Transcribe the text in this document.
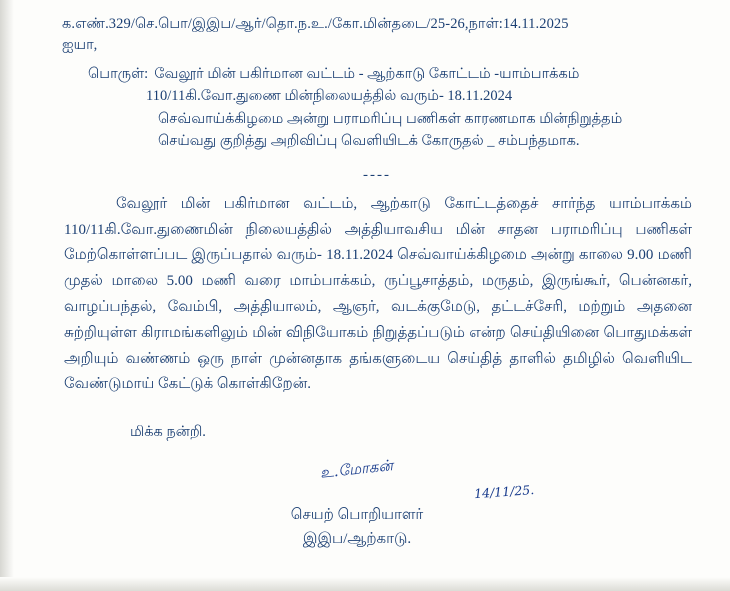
க.எண்.329/செ.பொ/இஇப/ஆர்/தொ.ந.உ./கோ.மின்தடை/25-26,நாள்:14.11.2025
ஐயா,
பொருள்: வேலூர் மின் பகிர்மான வட்டம் - ஆற்காடு கோட்டம் -யாம்பாக்கம்
110/11கி.வோ.துணை மின்நிலையத்தில் வரும்- 18.11.2024
செவ்வாய்க்கிழமை அன்று பராமரிப்பு பணிகள் காரணமாக மின்நிறுத்தம்
செய்வது குறித்து அறிவிப்பு வெளியிடக் கோருதல் _ சம்பந்தமாக.
----
வேலூர் மின் பகிர்மான வட்டம், ஆற்காடு கோட்டத்தைச் சார்ந்த யாம்பாக்கம் 110/11கி.வோ.துணைமின் நிலையத்தில் அத்தியாவசிய மின் சாதன பராமரிப்பு பணிகள் மேற்கொள்ளப்பட இருப்பதால் வரும்- 18.11.2024 செவ்வாய்க்கிழமை அன்று காலை 9.00 மணி முதல் மாலை 5.00 மணி வரை மாம்பாக்கம், ருப்பூசாத்தம், மருதம், இருங்கூர், பென்னகர், வாழப்பந்தல், வேம்பி, அத்தியாலம், ஆஞர், வடக்குமேடு, தட்டச்சேரி, மற்றும் அதனை சுற்றியுள்ள கிராமங்களிலும் மின் விநியோகம் நிறுத்தப்படும் என்ற செய்தியினை பொதுமக்கள் அறியும் வண்ணம் ஒரு நாள் முன்னதாக தங்களுடைய செய்தித் தாளில் தமிழில் வெளியிட வேண்டுமாய் கேட்டுக் கொள்கிறேன்.
மிக்க நன்றி.
உ.மோகன்
14/11/25.
செயற் பொறியாளர்
இஇப/ஆற்காடு.
